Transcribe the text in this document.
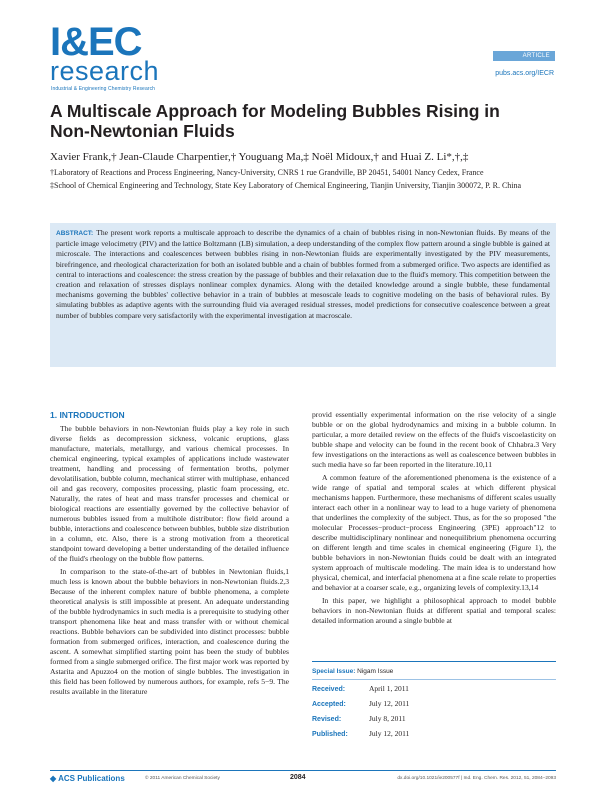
I&EC
research
Industrial & Engineering Chemistry Research
ARTICLE
pubs.acs.org/IECR
A Multiscale Approach for Modeling Bubbles Rising in Non-Newtonian Fluids
Xavier Frank,† Jean-Claude Charpentier,† Youguang Ma,‡ Noël Midoux,† and Huai Z. Li*,†,‡
†Laboratory of Reactions and Process Engineering, Nancy-University, CNRS 1 rue Grandville, BP 20451, 54001 Nancy Cedex, France
‡School of Chemical Engineering and Technology, State Key Laboratory of Chemical Engineering, Tianjin University, Tianjin 300072, P. R. China
ABSTRACT: The present work reports a multiscale approach to describe the dynamics of a chain of bubbles rising in non-Newtonian fluids. By means of the particle image velocimetry (PIV) and the lattice Boltzmann (LB) simulation, a deep understanding of the complex flow pattern around a single bubble is gained at microscale. The interactions and coalescences between bubbles rising in non-Newtonian fluids are experimentally investigated by the PIV measurements, birefringence, and rheological characterization for both an isolated bubble and a chain of bubbles formed from a submerged orifice. Two aspects are identified as central to interactions and coalescence: the stress creation by the passage of bubbles and their relaxation due to the fluid's memory. This competition between the creation and relaxation of stresses displays nonlinear complex dynamics. Along with the detailed knowledge around a single bubble, these fundamental mechanisms governing the bubbles' collective behavior in a train of bubbles at mesoscale leads to cognitive modeling on the basis of behavioral rules. By simulating bubbles as adaptive agents with the surrounding fluid via averaged residual stresses, model predictions for consecutive coalescence between a great number of bubbles compare very satisfactorily with the experimental investigation at macroscale.
1. INTRODUCTION

The bubble behaviors in non-Newtonian fluids play a key role in such diverse fields as decompression sickness, volcanic eruptions, glass manufacture, materials, metallurgy, and various chemical processes. In chemical engineering, typical examples of applications include wastewater treatment, handling and processing of fermentation broths, polymer devolatilisation, bubble column, mechanical stirrer with multiphase, enhanced oil and gas recovery, composites processing, plastic foam processing, etc. Naturally, the rates of heat and mass transfer processes and chemical or biological reactions are essentially governed by the collective behavior of numerous bubbles issued from a multihole distributor: flow field around a bubble, interactions and coalescence between bubbles, bubble size distribution in a column, etc. Also, there is a strong motivation from a theoretical standpoint toward developing a better understanding of the detailed influence of the fluid's rheology on the bubble flow patterns.

In comparison to the state-of-the-art of bubbles in Newtonian fluids,1 much less is known about the bubble behaviors in non-Newtonian fluids.2,3 Because of the inherent complex nature of bubble phenomena, a complete theoretical analysis is still impossible at present. An adequate understanding of the bubble hydrodynamics in such media is a prerequisite to studying other transport phenomena like heat and mass transfer with or without chemical reactions. Bubble behaviors can be subdivided into distinct processes: bubble formation from submerged orifices, interaction, and coalescence during the ascent. A somewhat simplified starting point has been the study of bubbles formed from a single submerged orifice. The first major work was reported by Astarita and Apuzzo4 on the motion of single bubbles. The investigation in this field has been followed by numerous authors, for example, refs 5−9. The results available in the literature

provid essentially experimental information on the rise velocity of a single bubble or on the global hydrodynamics and mixing in a bubble column. In particular, a more detailed review on the effects of the fluid's viscoelasticity on bubble shape and velocity can be found in the recent book of Chhabra.3 Very few investigations on the interactions as well as coalescence between bubbles in such media have so far been reported in the literature.10,11

A common feature of the aforementioned phenomena is the existence of a wide range of spatial and temporal scales at which different physical mechanisms happen. Furthermore, these mechanisms of different scales usually interact each other in a nonlinear way to lead to a huge variety of phenomena that underlines the complexity of the subject. Thus, as for the so proposed "the molecular Processes−product−process Engineering (3PE) approach"12 to describe multidisciplinary nonlinear and nonequilibrium phenomena occurring on different length and time scales in chemical engineering (Figure 1), the bubble behaviors in non-Newtonian fluids could be dealt with an integrated system approach of multiscale modeling. The main idea is to understand how physical, chemical, and interfacial phenomena at a fine scale relate to properties and behavior at a coarser scale, e.g., organizing levels of complexity.13,14

In this paper, we highlight a philosophical approach to model bubble behaviors in non-Newtonian fluids at different spatial and temporal scales: detailed information around a single bubble at

Special Issue: Nigam Issue
Received:	April 1, 2011
Accepted:	July 12, 2011
Revised:	July 8, 2011
Published:	July 12, 2011
◆ ACS Publications	© 2011 American Chemical Society	2084	dx.doi.org/10.1021/ie200577f | Ind. Eng. Chem. Res. 2012, 51, 2084–2093
